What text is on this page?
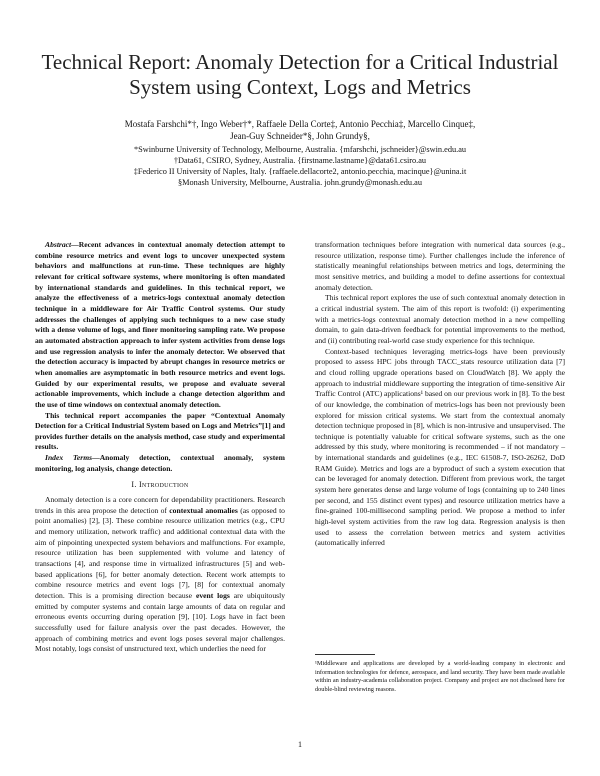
Technical Report: Anomaly Detection for a Critical Industrial System using Context, Logs and Metrics
Mostafa Farshchi*†, Ingo Weber†*, Raffaele Della Corte‡, Antonio Pecchia‡, Marcello Cinque‡,
Jean-Guy Schneider*§, John Grundy§,
*Swinburne University of Technology, Melbourne, Australia. {mfarshchi, jschneider}@swin.edu.au
†Data61, CSIRO, Sydney, Australia. {firstname.lastname}@data61.csiro.au
‡Federico II University of Naples, Italy. {raffaele.dellacorte2, antonio.pecchia, macinque}@unina.it
§Monash University, Melbourne, Australia. john.grundy@monash.edu.au

Abstract—Recent advances in contextual anomaly detection attempt to combine resource metrics and event logs to uncover unexpected system behaviors and malfunctions at run-time. These techniques are highly relevant for critical software systems, where monitoring is often mandated by international standards and guidelines. In this technical report, we analyze the effectiveness of a metrics-logs contextual anomaly detection technique in a middleware for Air Traffic Control systems. Our study addresses the challenges of applying such techniques to a new case study with a dense volume of logs, and finer monitoring sampling rate. We propose an automated abstraction approach to infer system activities from dense logs and use regression analysis to infer the anomaly detector. We observed that the detection accuracy is impacted by abrupt changes in resource metrics or when anomalies are asymptomatic in both resource metrics and event logs. Guided by our experimental results, we propose and evaluate several actionable improvements, which include a change detection algorithm and the use of time windows on contextual anomaly detection.

This technical report accompanies the paper “Contextual Anomaly Detection for a Critical Industrial System based on Logs and Metrics”[1] and provides further details on the analysis method, case study and experimental results.

Index Terms—Anomaly detection, contextual anomaly, system monitoring, log analysis, change detection.

I. Introduction

Anomaly detection is a core concern for dependability practitioners. Research trends in this area propose the detection of contextual anomalies (as opposed to point anomalies) [2], [3]. These combine resource utilization metrics (e.g., CPU and memory utilization, network traffic) and additional contextual data with the aim of pinpointing unexpected system behaviors and malfunctions. For example, resource utilization has been supplemented with volume and latency of transactions [4], and response time in virtualized infrastructures [5] and web-based applications [6], for better anomaly detection. Recent work attempts to combine resource metrics and event logs [7], [8] for contextual anomaly detection. This is a promising direction because event logs are ubiquitously emitted by computer systems and contain large amounts of data on regular and erroneous events occurring during operation [9], [10]. Logs have in fact been successfully used for failure analysis over the past decades. However, the approach of combining metrics and event logs poses several major challenges. Most notably, logs consist of unstructured text, which underlies the need for

transformation techniques before integration with numerical data sources (e.g., resource utilization, response time). Further challenges include the inference of statistically meaningful relationships between metrics and logs, determining the most sensitive metrics, and building a model to define assertions for contextual anomaly detection.

This technical report explores the use of such contextual anomaly detection in a critical industrial system. The aim of this report is twofold: (i) experimenting with a metrics-logs contextual anomaly detection method in a new compelling domain, to gain data-driven feedback for potential improvements to the method, and (ii) contributing real-world case study experience for this technique.

Context-based techniques leveraging metrics-logs have been previously proposed to assess HPC jobs through TACC_stats resource utilization data [7] and cloud rolling upgrade operations based on CloudWatch [8]. We apply the approach to industrial middleware supporting the integration of time-sensitive Air Traffic Control (ATC) applications¹ based on our previous work in [8]. To the best of our knowledge, the combination of metrics-logs has been not previously been explored for mission critical systems. We start from the contextual anomaly detection technique proposed in [8], which is non-intrusive and unsupervised. The technique is potentially valuable for critical software systems, such as the one addressed by this study, where monitoring is recommended – if not mandatory – by international standards and guidelines (e.g., IEC 61508-7, ISO-26262, DoD RAM Guide). Metrics and logs are a byproduct of such a system execution that can be leveraged for anomaly detection. Different from previous work, the target system here generates dense and large volume of logs (containing up to 240 lines per second, and 155 distinct event types) and resource utilization metrics have a fine-grained 100-millisecond sampling period. We propose a method to infer high-level system activities from the raw log data. Regression analysis is then used to assess the correlation between metrics and system activities (automatically inferred

¹Middleware and applications are developed by a world-leading company in electronic and information technologies for defence, aerospace, and land security. They have been made available within an industry-academia collaboration project. Company and project are not disclosed here for double-blind reviewing reasons.
1
